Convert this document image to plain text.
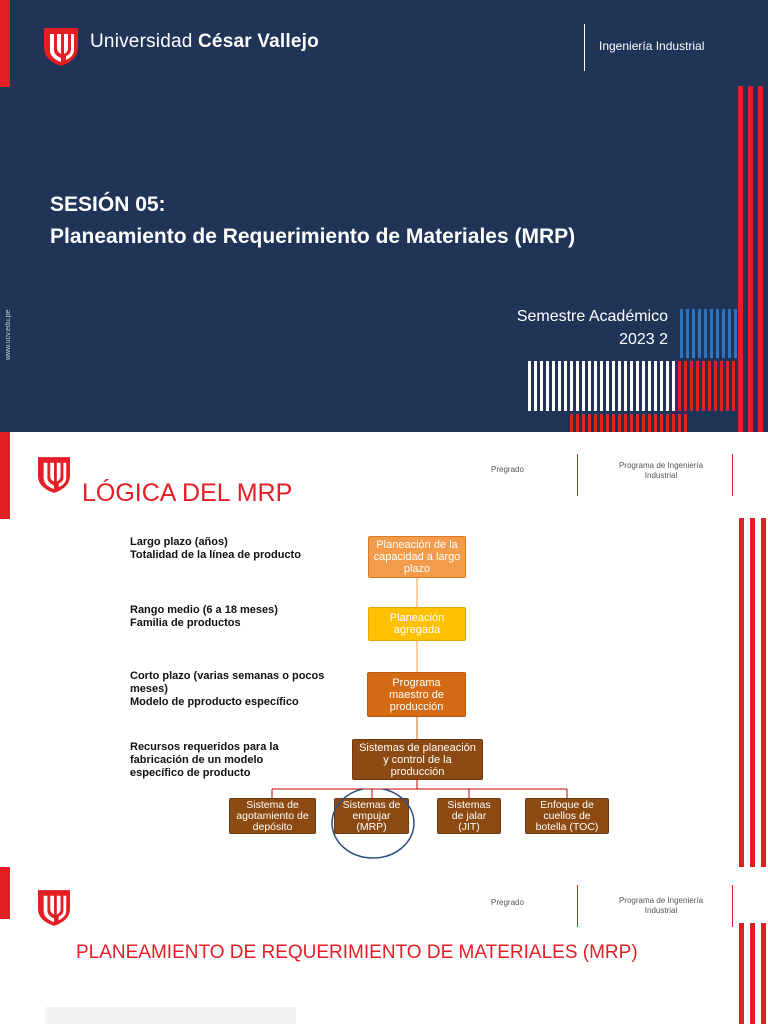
Universidad César Vallejo	Ingeniería Industrial
SESIÓN 05:
Planeamiento de Requerimiento de Materiales (MRP)
Semestre Académico
2023 2
www.ucv.edu.pe
Pregrado	Programa de Ingeniería
Industrial
LÓGICA DEL MRP
Largo plazo (años)
Totalidad de la línea de producto
Rango medio (6 a 18 meses)
Familia de productos
Corto plazo (varias semanas o pocos meses)
Modelo de pproducto específico
Recursos requeridos para la fabricación de un modelo específico de producto
Planeación de la capacidad a largo plazo
Planeación agregada
Programa maestro de producción
Sistemas de planeación y control de la producción
Sistema de agotamiento de depósito
Sistemas de empujar (MRP)
Sistemas de jalar (JIT)
Enfoque de cuellos de botella (TOC)
Pregrado	Programa de Ingeniería
Industrial
PLANEAMIENTO DE REQUERIMIENTO DE MATERIALES (MRP)
